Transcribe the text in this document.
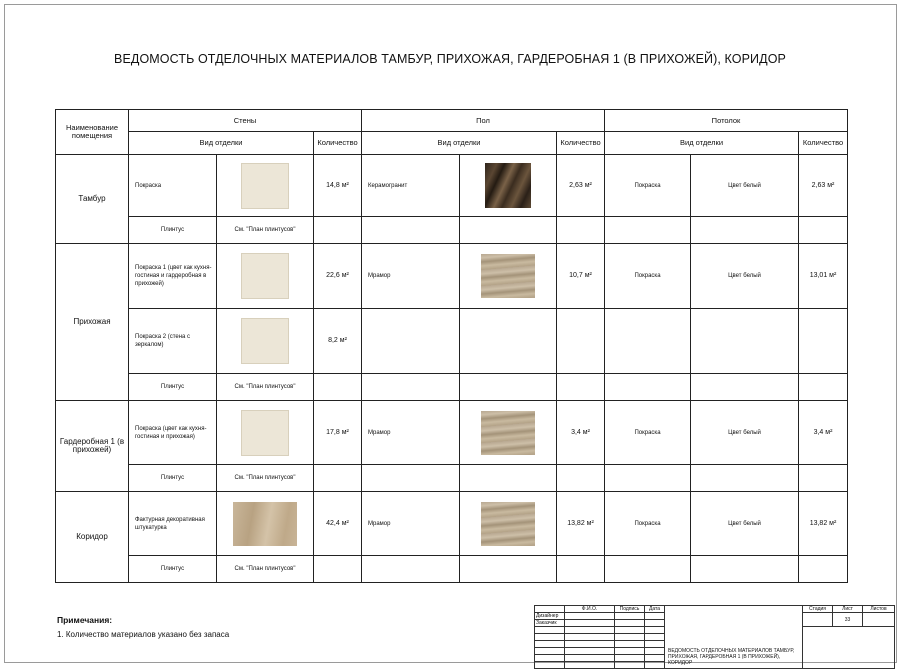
ВЕДОМОСТЬ ОТДЕЛОЧНЫХ МАТЕРИАЛОВ ТАМБУР, ПРИХОЖАЯ, ГАРДЕРОБНАЯ 1 (В ПРИХОЖЕЙ), КОРИДОР
Наименование помещения	Стены			Пол			Потолок		
	Вид отделки		Количество	Вид отделки		Количество	Вид отделки		Количество
Тамбур	Покраска		14,8 м²	Керамогранит		2,63 м²	Покраска	Цвет белый	2,63 м²
	Плинтус	См. "План плинтусов"							
Прихожая	Покраска 1 (цвет как кухня-гостиная и гардеробная в прихожей)		22,6 м²	Мрамор		10,7 м²	Покраска	Цвет белый	13,01 м²
	Покраска 2 (стена с зеркалом)		8,2 м²						
	Плинтус	См. "План плинтусов"							
Гардеробная 1 (в прихожей)	Покраска (цвет как кухня-гостиная и прихожая)		17,8 м²	Мрамор		3,4 м²	Покраска	Цвет белый	3,4 м²
	Плинтус	См. "План плинтусов"							
Коридор	Фактурная декоративная штукатурка		42,4 м²	Мрамор		13,82 м²	Покраска	Цвет белый	13,82 м²
	Плинтус	См. "План плинтусов"							
Примечания:
1. Количество материалов указано без запаса
	Ф.И.О.	Подпись	Дата	ВЕДОМОСТЬ ОТДЕЛОЧНЫХ МАТЕРИАЛОВ ТАМБУР, ПРИХОЖАЯ, ГАРДЕРОБНАЯ 1 (В ПРИХОЖЕЙ), КОРИДОР	Стадия	Лист	Листов
Дизайнер						33	
Заказчик							
